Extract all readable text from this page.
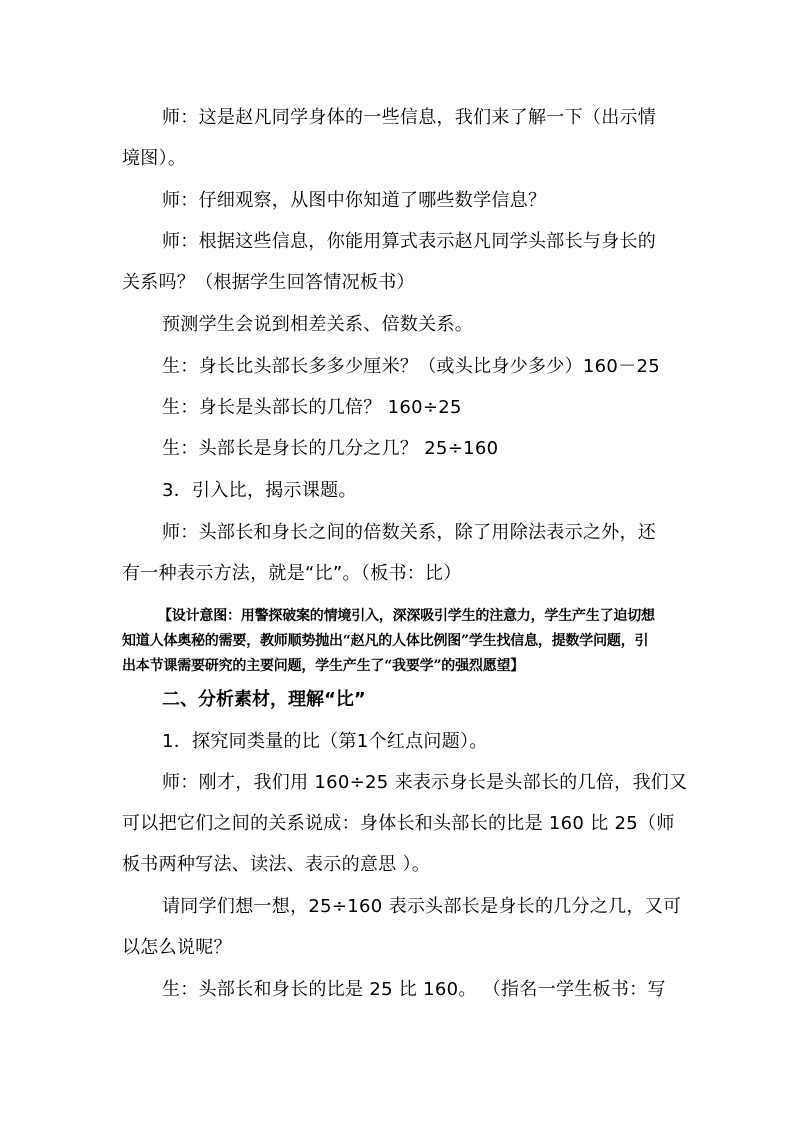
师：这是赵凡同学身体的一些信息，我们来了解一下（出示情
境图）。
师：仔细观察，从图中你知道了哪些数学信息？
师：根据这些信息，你能用算式表示赵凡同学头部长与身长的
关系吗？（根据学生回答情况板书）
预测学生会说到相差关系、倍数关系。
生：身长比头部长多多少厘米？（或头比身少多少）160－25
生：身长是头部长的几倍？ 160÷25
生：头部长是身长的几分之几？ 25÷160
3．引入比，揭示课题。
师：头部长和身长之间的倍数关系，除了用除法表示之外，还
有一种表示方法，就是“比”。（板书：比）
【设计意图：用警探破案的情境引入，深深吸引学生的注意力，学生产生了迫切想
知道人体奥秘的需要，教师顺势抛出“赵凡的人体比例图”学生找信息，提数学问题，引
出本节课需要研究的主要问题，学生产生了“我要学”的强烈愿望】
二、分析素材，理解“比”
1．探究同类量的比（第1个红点问题）。
师：刚才，我们用 160÷25 来表示身长是头部长的几倍，我们又
可以把它们之间的关系说成：身体长和头部长的比是 160 比 25（师
板书两种写法、读法、表示的意思 ）。
请同学们想一想，25÷160 表示头部长是身长的几分之几，又可
以怎么说呢？
生：头部长和身长的比是 25 比 160。 （指名一学生板书：写
